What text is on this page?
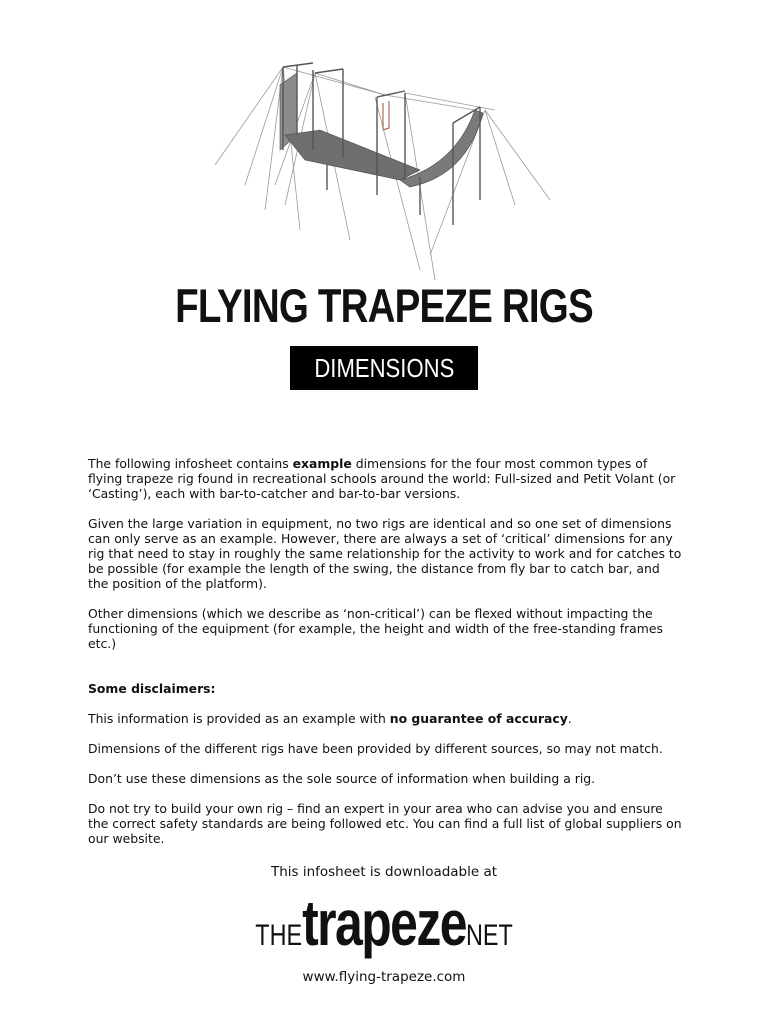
FLYING TRAPEZE RIGS
DIMENSIONS

The following infosheet contains example dimensions for the four most common types of flying trapeze rig found in recreational schools around the world: Full-sized and Petit Volant (or ‘Casting’), each with bar-to-catcher and bar-to-bar versions.

Given the large variation in equipment, no two rigs are identical and so one set of dimensions can only serve as an example. However, there are always a set of ‘critical’ dimensions for any rig that need to stay in roughly the same relationship for the activity to work and for catches to be possible (for example the length of the swing, the distance from fly bar to catch bar, and the position of the platform).

Other dimensions (which we describe as ‘non-critical’) can be flexed without impacting the functioning of the equipment (for example, the height and width of the free-standing frames etc.)

Some disclaimers:

This information is provided as an example with no guarantee of accuracy.

Dimensions of the different rigs have been provided by different sources, so may not match.

Don’t use these dimensions as the sole source of information when building a rig.

Do not try to build your own rig – find an expert in your area who can advise you and ensure the correct safety standards are being followed etc. You can find a full list of global suppliers on our website.

This infosheet is downloadable at
THEtrapezeNET
www.flying-trapeze.com
